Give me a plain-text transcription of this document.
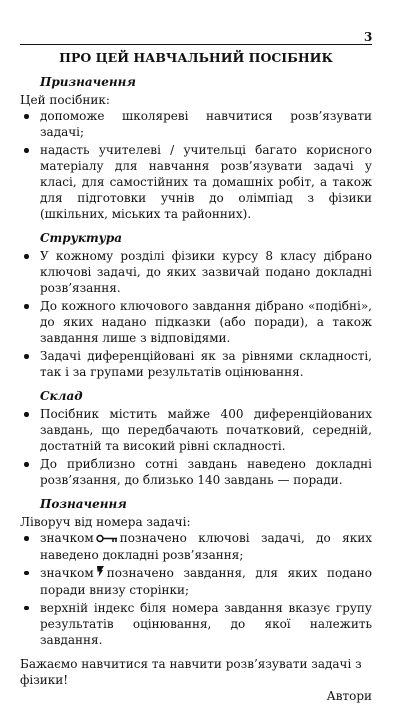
3
ПРО ЦЕЙ НАВЧАЛЬНИЙ ПОСІБНИК
Призначення
Цей посібник:
допоможе школяреві навчитися розв’язувати задачі;
надасть учителеві / учительці багато корисного матеріалу для навчання розв’язувати задачі у класі, для самостійних та домашніх робіт, а також для підготовки учнів до олімпіад з фізики (шкільних, міських та районних).
Структура
У кожному розділі фізики курсу 8 класу дібрано ключові задачі, до яких зазвичай подано докладні розв’язання.
До кожного ключового завдання дібрано «подібні», до яких надано підказки (або поради), а також завдання лише з відповідями.
Задачі диференційовані як за рівнями складності, так і за групами результатів оцінювання.
Склад
Посібник містить майже 400 диференційованих завдань, що передбачають початковий, середній, достатній та високий рівні складності.
До приблизно сотні завдань наведено докладні розв’язання, до близько 140 завдань — поради.
Позначення
Ліворуч від номера задачі:
значком позначено ключові задачі, до яких наведено докладні розв’язання;
значком позначено завдання, для яких подано поради внизу сторінки;
верхній індекс біля номера завдання вказує групу результатів оцінювання, до якої належить завдання.
Бажаємо навчитися та навчити розв’язувати задачі з фізики!
Автори
